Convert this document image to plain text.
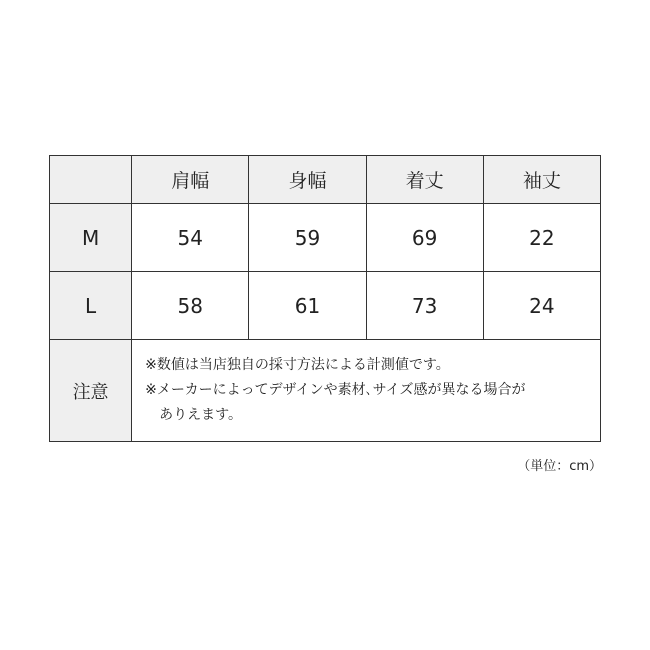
	肩幅	身幅	着丈	袖丈
M	54	59	69	22
L	58	61	73	24
注意	※数値は当店独自の採寸方法による計測値です。
※メーカーによってデザインや素材､サイズ感が異なる場合が
ありえます。			
（単位：cm）
